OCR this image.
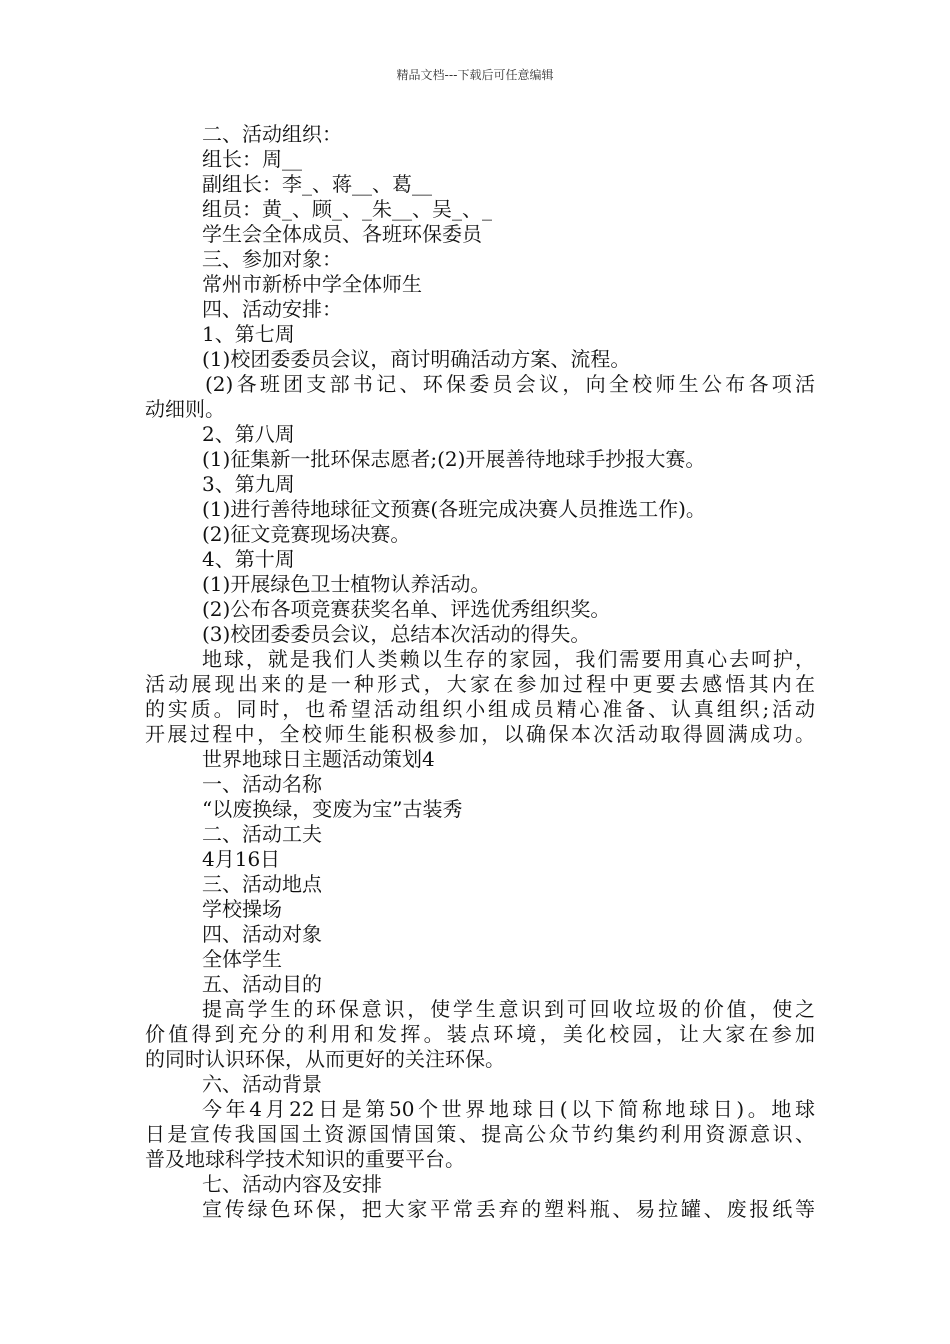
精品文档---下载后可任意编辑
二、活动组织：
组长：周__
副组长：李_、蒋__、葛__
组员：黄_、顾_、_朱__、吴_、_
学生会全体成员、各班环保委员
三、参加对象：
常州市新桥中学全体师生
四、活动安排：
1、第七周
(1)校团委委员会议，商讨明确活动方案、流程。
(2)各班团支部书记、环保委员会议，向全校师生公布各项活
动细则。
2、第八周
(1)征集新一批环保志愿者;(2)开展善待地球手抄报大赛。
3、第九周
(1)进行善待地球征文预赛(各班完成决赛人员推选工作)。
(2)征文竞赛现场决赛。
4、第十周
(1)开展绿色卫士植物认养活动。
(2)公布各项竞赛获奖名单、评选优秀组织奖。
(3)校团委委员会议，总结本次活动的得失。
地球，就是我们人类赖以生存的家园，我们需要用真心去呵护，
活动展现出来的是一种形式，大家在参加过程中更要去感悟其内在
的实质。同时，也希望活动组织小组成员精心准备、认真组织;活动
开展过程中，全校师生能积极参加，以确保本次活动取得圆满成功。
世界地球日主题活动策划4
一、活动名称
“以废换绿，变废为宝”古装秀
二、活动工夫
4月16日
三、活动地点
学校操场
四、活动对象
全体学生
五、活动目的
提高学生的环保意识，使学生意识到可回收垃圾的价值，使之
价值得到充分的利用和发挥。装点环境，美化校园，让大家在参加
的同时认识环保，从而更好的关注环保。
六、活动背景
今年4月22日是第50个世界地球日(以下简称地球日)。地球
日是宣传我国国土资源国情国策、提高公众节约集约利用资源意识、
普及地球科学技术知识的重要平台。
七、活动内容及安排
宣传绿色环保，把大家平常丢弃的塑料瓶、易拉罐、废报纸等
